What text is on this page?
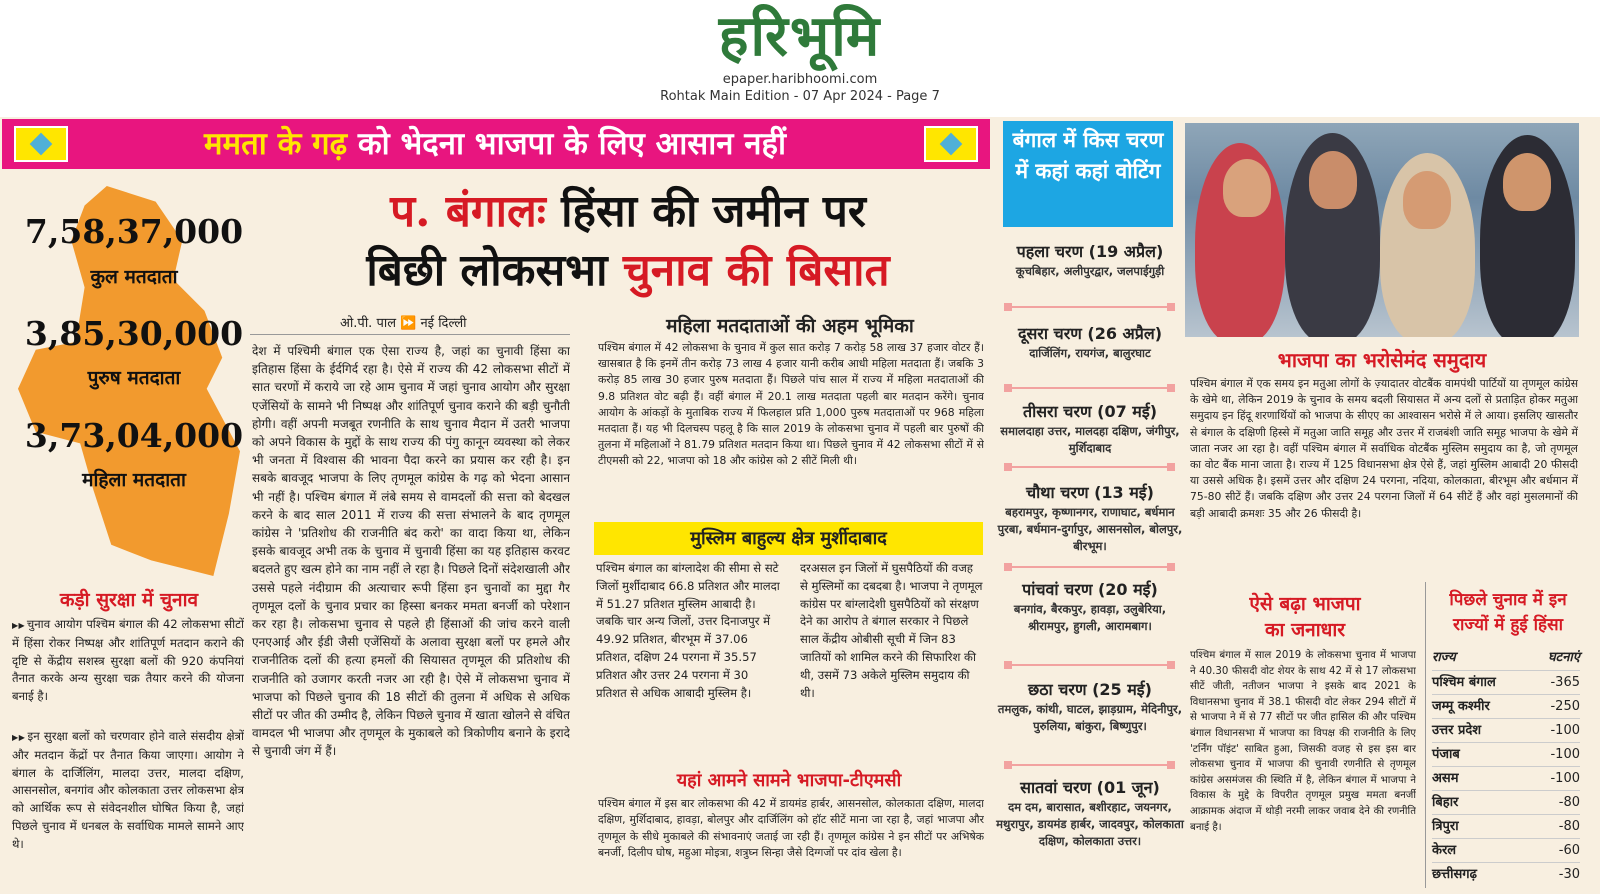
हरिभूमि
epaper.haribhoomi.com
Rohtak Main Edition - 07 Apr 2024 - Page 7
ममता के गढ़ को भेदना भाजपा के लिए आसान नहीं
7,58,37,000
कुल मतदाता
3,85,30,000
पुरुष मतदाता
3,73,04,000
महिला मतदाता
प. बंगालः हिंसा की जमीन पर
बिछी लोकसभा चुनाव की बिसात
ओ.पी. पाल ⏩ नई दिल्ली
कड़ी सुरक्षा में चुनाव
▶▶ चुनाव आयोग पश्चिम बंगाल की 42 लोकसभा सीटों में हिंसा रोकर निष्पक्ष और शांतिपूर्ण मतदान कराने की दृष्टि से केंद्रीय सशस्त्र सुरक्षा बलों की 920 कंपनियां तैनात करके अन्य सुरक्षा चक्र तैयार करने की योजना बनाई है।
▶▶ इन सुरक्षा बलों को चरणवार होने वाले संसदीय क्षेत्रों और मतदान केंद्रों पर तैनात किया जाएगा। आयोग ने बंगाल के दार्जिलिंग, मालदा उत्तर, मालदा दक्षिण, आसनसोल, बनगांव और कोलकाता उत्तर लोकसभा क्षेत्र को आर्थिक रूप से संवेदनशील घोषित किया है, जहां पिछले चुनाव में धनबल के सर्वाधिक मामले सामने आए थे।
देश में पश्चिमी बंगाल एक ऐसा राज्य है, जहां का चुनावी हिंसा का इतिहास हिंसा के ईर्दगिर्द रहा है। ऐसे में राज्य की 42 लोकसभा सीटों में सात चरणों में कराये जा रहे आम चुनाव में जहां चुनाव आयोग और सुरक्षा एजेंसियों के सामने भी निष्पक्ष और शांतिपूर्ण चुनाव कराने की बड़ी चुनौती होगी। वहीं अपनी मजबूत रणनीति के साथ चुनाव मैदान में उतरी भाजपा को अपने विकास के मुद्दों के साथ राज्य की पंगु कानून व्यवस्था को लेकर भी जनता में विश्वास की भावना पैदा करने का प्रयास कर रही है। इन सबके बावजूद भाजपा के लिए तृणमूल कांग्रेस के गढ़ को भेदना आसान भी नहीं है। पश्चिम बंगाल में लंबे समय से वामदलों की सत्ता को बेदखल करने के बाद साल 2011 में राज्य की सत्ता संभालने के बाद तृणमूल कांग्रेस ने 'प्रतिशोध की राजनीति बंद करो' का वादा किया था, लेकिन इसके बावजूद अभी तक के चुनाव में चुनावी हिंसा का यह इतिहास करवट बदलते हुए खत्म होने का नाम नहीं ले रहा है। पिछले दिनों संदेशखाली और उससे पहले नंदीग्राम की अत्याचार रूपी हिंसा इन चुनावों का मुद्दा गैर तृणमूल दलों के चुनाव प्रचार का हिस्सा बनकर ममता बनर्जी को परेशान कर रहा है। लोकसभा चुनाव से पहले ही हिंसाओं की जांच करने वाली एनएआई और ईडी जैसी एजेंसियों के अलावा सुरक्षा बलों पर हमले और राजनीतिक दलों की हत्या हमलों की सियासत तृणमूल की प्रतिशोध की राजनीति को उजागर करती नजर आ रही है। ऐसे में लोकसभा चुनाव में भाजपा को पिछले चुनाव की 18 सीटों की तुलना में अधिक से अधिक सीटों पर जीत की उम्मीद है, लेकिन पिछले चुनाव में खाता खोलने से वंचित वामदल भी भाजपा और तृणमूल के मुकाबले को त्रिकोणीय बनाने के इरादे से चुनावी जंग में हैं।
महिला मतदाताओं की अहम भूमिका
पश्चिम बंगाल में 42 लोकसभा के चुनाव में कुल सात करोड़ 7 करोड़ 58 लाख 37 हजार वोटर हैं। खासबात है कि इनमें तीन करोड़ 73 लाख 4 हजार यानी करीब आधी महिला मतदाता हैं। जबकि 3 करोड़ 85 लाख 30 हजार पुरुष मतदाता हैं। पिछले पांच साल में राज्य में महिला मतदाताओं की 9.8 प्रतिशत वोट बढ़ी हैं। वहीं बंगाल में 20.1 लाख मतदाता पहली बार मतदान करेंगे। चुनाव आयोग के आंकड़ों के मुताबिक राज्य में फिलहाल प्रति 1,000 पुरुष मतदाताओं पर 968 महिला मतदाता हैं। यह भी दिलचस्प पहलू है कि साल 2019 के लोकसभा चुनाव में पहली बार पुरुषों की तुलना में महिलाओं ने 81.79 प्रतिशत मतदान किया था। पिछले चुनाव में 42 लोकसभा सीटों में से टीएमसी को 22, भाजपा को 18 और कांग्रेस को 2 सीटें मिली थी।
मुस्लिम बाहुल्य क्षेत्र मुर्शीदाबाद
पश्चिम बंगाल का बांग्लादेश की सीमा से सटे जिलों मुर्शीदाबाद 66.8 प्रतिशत और मालदा में 51.27 प्रतिशत मुस्लिम आबादी है। जबकि चार अन्य जिलों, उत्तर दिनाजपुर में 49.92 प्रतिशत, बीरभूम में 37.06 प्रतिशत, दक्षिण 24 परगना में 35.57 प्रतिशत और उत्तर 24 परगना में 30 प्रतिशत से अधिक आबादी मुस्लिम है।
दरअसल इन जिलों में घुसपैठियों की वजह से मुस्लिमों का दबदबा है। भाजपा ने तृणमूल कांग्रेस पर बांग्लादेशी घुसपैठियों को संरक्षण देने का आरोप ते बंगाल सरकार ने पिछले साल केंद्रीय ओबीसी सूची में जिन 83 जातियों को शामिल करने की सिफारिश की थी, उसमें 73 अकेले मुस्लिम समुदाय की थी।
यहां आमने सामने भाजपा-टीएमसी
पश्चिम बंगाल में इस बार लोकसभा की 42 में डायमंड हार्बर, आसनसोल, कोलकाता दक्षिण, मालदा दक्षिण, मुर्शिदाबाद, हावड़ा, बोलपुर और दार्जिलिंग को हॉट सीटें माना जा रहा है, जहां भाजपा और तृणमूल के सीधे मुकाबले की संभावनाएं जताई जा रही हैं। तृणमूल कांग्रेस ने इन सीटों पर अभिषेक बनर्जी, दिलीप घोष, महुआ मोइत्रा, शत्रुघ्न सिन्हा जैसे दिग्गजों पर दांव खेला है।
बंगाल में किस चरण में कहां कहां वोटिंग
पहला चरण (19 अप्रैल)
कूचबिहार, अलीपुरद्वार, जलपाईगुड़ी
दूसरा चरण (26 अप्रैल)
दार्जिलिंग, रायगंज, बालुरघाट
तीसरा चरण (07 मई)
समालदाहा उत्तर, मालदहा दक्षिण, जंगीपुर, मुर्शिदाबाद
चौथा चरण (13 मई)
बहरामपुर, कृष्णानगर, राणाघाट, बर्धमान पुरबा, बर्धमान-दुर्गापुर, आसनसोल, बोलपुर, बीरभूम।
पांचवां चरण (20 मई)
बनगांव, बैरकपुर, हावड़ा, उलुबेरिया, श्रीरामपुर, हुगली, आरामबाग।
छठा चरण (25 मई)
तमलुक, कांथी, घाटल, झाड़ग्राम, मेदिनीपुर, पुरुलिया, बांकुरा, बिष्णुपुर।
सातवां चरण (01 जून)
दम दम, बारासात, बशीरहाट, जयनगर, मथुरापुर, डायमंड हार्बर, जादवपुर, कोलकाता दक्षिण, कोलकाता उत्तर।
भाजपा का भरोसेमंद समुदाय
पश्चिम बंगाल में एक समय इन मतुआ लोगों के ज़्यादातर वोटबैंक वामपंथी पार्टियों या तृणमूल कांग्रेस के खेमे था, लेकिन 2019 के चुनाव के समय बदली सियासत में अन्य दलों से प्रताड़ित होकर मतुआ समुदाय इन हिंदू शरणार्थियों को भाजपा के सीएए का आश्वासन भरोसे में ले आया। इसलिए खासतौर से बंगाल के दक्षिणी हिस्से में मतुआ जाति समूह और उत्तर में राजबंशी जाति समूह भाजपा के खेमे में जाता नजर आ रहा है। वहीं पश्चिम बंगाल में सर्वाधिक वोटबैंक मुस्लिम समुदाय का है, जो तृणमूल का वोट बैंक माना जाता है। राज्य में 125 विधानसभा क्षेत्र ऐसे हैं, जहां मुस्लिम आबादी 20 फीसदी या उससे अधिक है। इसमें उत्तर और दक्षिण 24 परगना, नदिया, कोलकाता, बीरभूम और बर्धमान में 75-80 सीटें हैं। जबकि दक्षिण और उत्तर 24 परगना जिलों में 64 सीटें हैं और वहां मुसलमानों की बड़ी आबादी क्रमशः 35 और 26 फीसदी है।
ऐसे बढ़ा भाजपा
का जनाधार
पश्चिम बंगाल में साल 2019 के लोकसभा चुनाव में भाजपा ने 40.30 फीसदी वोट शेयर के साथ 42 में से 17 लोकसभा सीटें जीती, नतीजन भाजपा ने इसके बाद 2021 के विधानसभा चुनाव में 38.1 फीसदी वोट लेकर 294 सीटों में से भाजपा ने में से 77 सीटों पर जीत हासिल की और पश्चिम बंगाल विधानसभा में भाजपा का विपक्ष की राजनीति के लिए 'टर्निंग पॉइंट' साबित हुआ, जिसकी वजह से इस इस बार लोकसभा चुनाव में भाजपा की चुनावी रणनीति से तृणमूल कांग्रेस असमंजस की स्थिति में है, लेकिन बंगाल में भाजपा ने विकास के मुद्दे के विपरीत तृणमूल प्रमुख ममता बनर्जी आक्रामक अंदाज में थोड़ी नरमी लाकर जवाब देने की रणनीति बनाई है।
पिछले चुनाव में इन राज्यों में हुई हिंसा
राज्य	घटनाएं
पश्चिम बंगाल	-365
जम्मू कश्मीर	-250
उत्तर प्रदेश	-100
पंजाब	-100
असम	-100
बिहार	-80
त्रिपुरा	-80
केरल	-60
छत्तीसगढ़	-30
